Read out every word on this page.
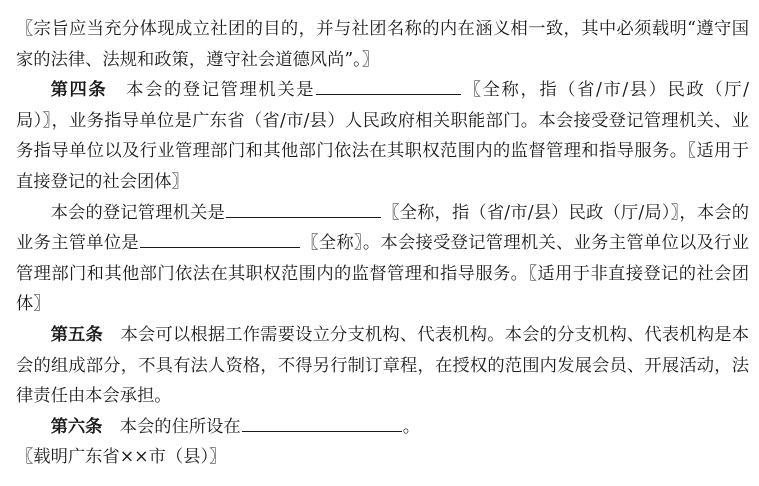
〖宗旨应当充分体现成立社团的目的，并与社团名称的内在涵义相一致，其中必须载明“遵守国家的法律、法规和政策，遵守社会道德风尚”。〗

第四条　本会的登记管理机关是	〖全称，指（省/市/县）民政（厅/局）〗，业务指导单位是广东省（省/市/县）人民政府相关职能部门。本会接受登记管理机关、业务指导单位以及行业管理部门和其他部门依法在其职权范围内的监督管理和指导服务。〖适用于直接登记的社会团体〗

本会的登记管理机关是	〖全称，指（省/市/县）民政（厅/局）〗，本会的业务主管单位是	〖全称〗。本会接受登记管理机关、业务主管单位以及行业管理部门和其他部门依法在其职权范围内的监督管理和指导服务。〖适用于非直接登记的社会团体〗

第五条　本会可以根据工作需要设立分支机构、代表机构。本会的分支机构、代表机构是本会的组成部分，不具有法人资格，不得另行制订章程，在授权的范围内发展会员、开展活动，法律责任由本会承担。

第六条　本会的住所设在	。

〖载明广东省××市（县）〗
